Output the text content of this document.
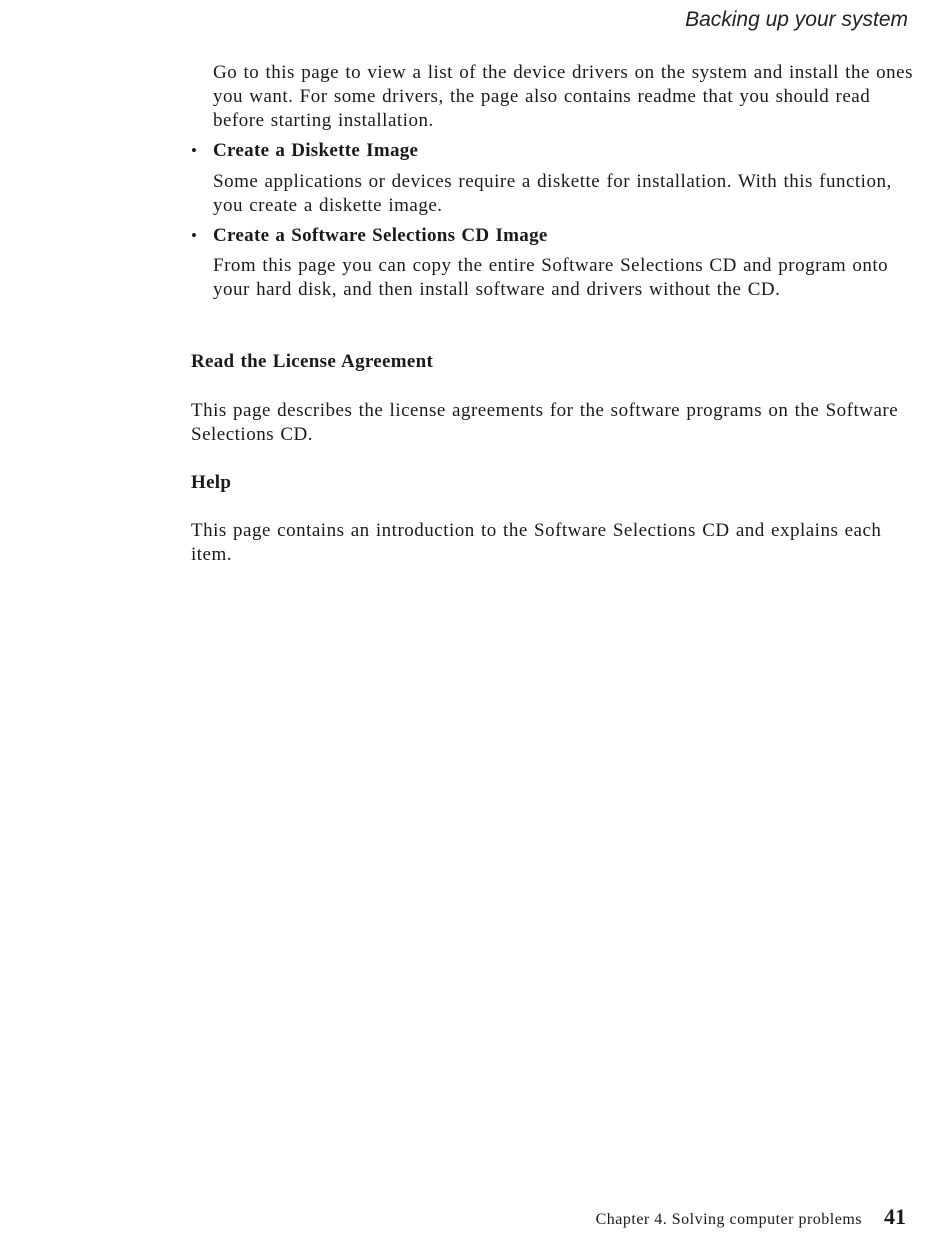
Backing up your system

Go to this page to view a list of the device drivers on the system and install the ones you want. For some drivers, the page also contains readme that you should read before starting installation.

• Create a Diskette Image

Some applications or devices require a diskette for installation. With this function, you create a diskette image.

• Create a Software Selections CD Image

From this page you can copy the entire Software Selections CD and program onto your hard disk, and then install software and drivers without the CD.

Read the License Agreement

This page describes the license agreements for the software programs on the Software Selections CD.

Help

This page contains an introduction to the Software Selections CD and explains each item.

Chapter 4. Solving computer problems 41
